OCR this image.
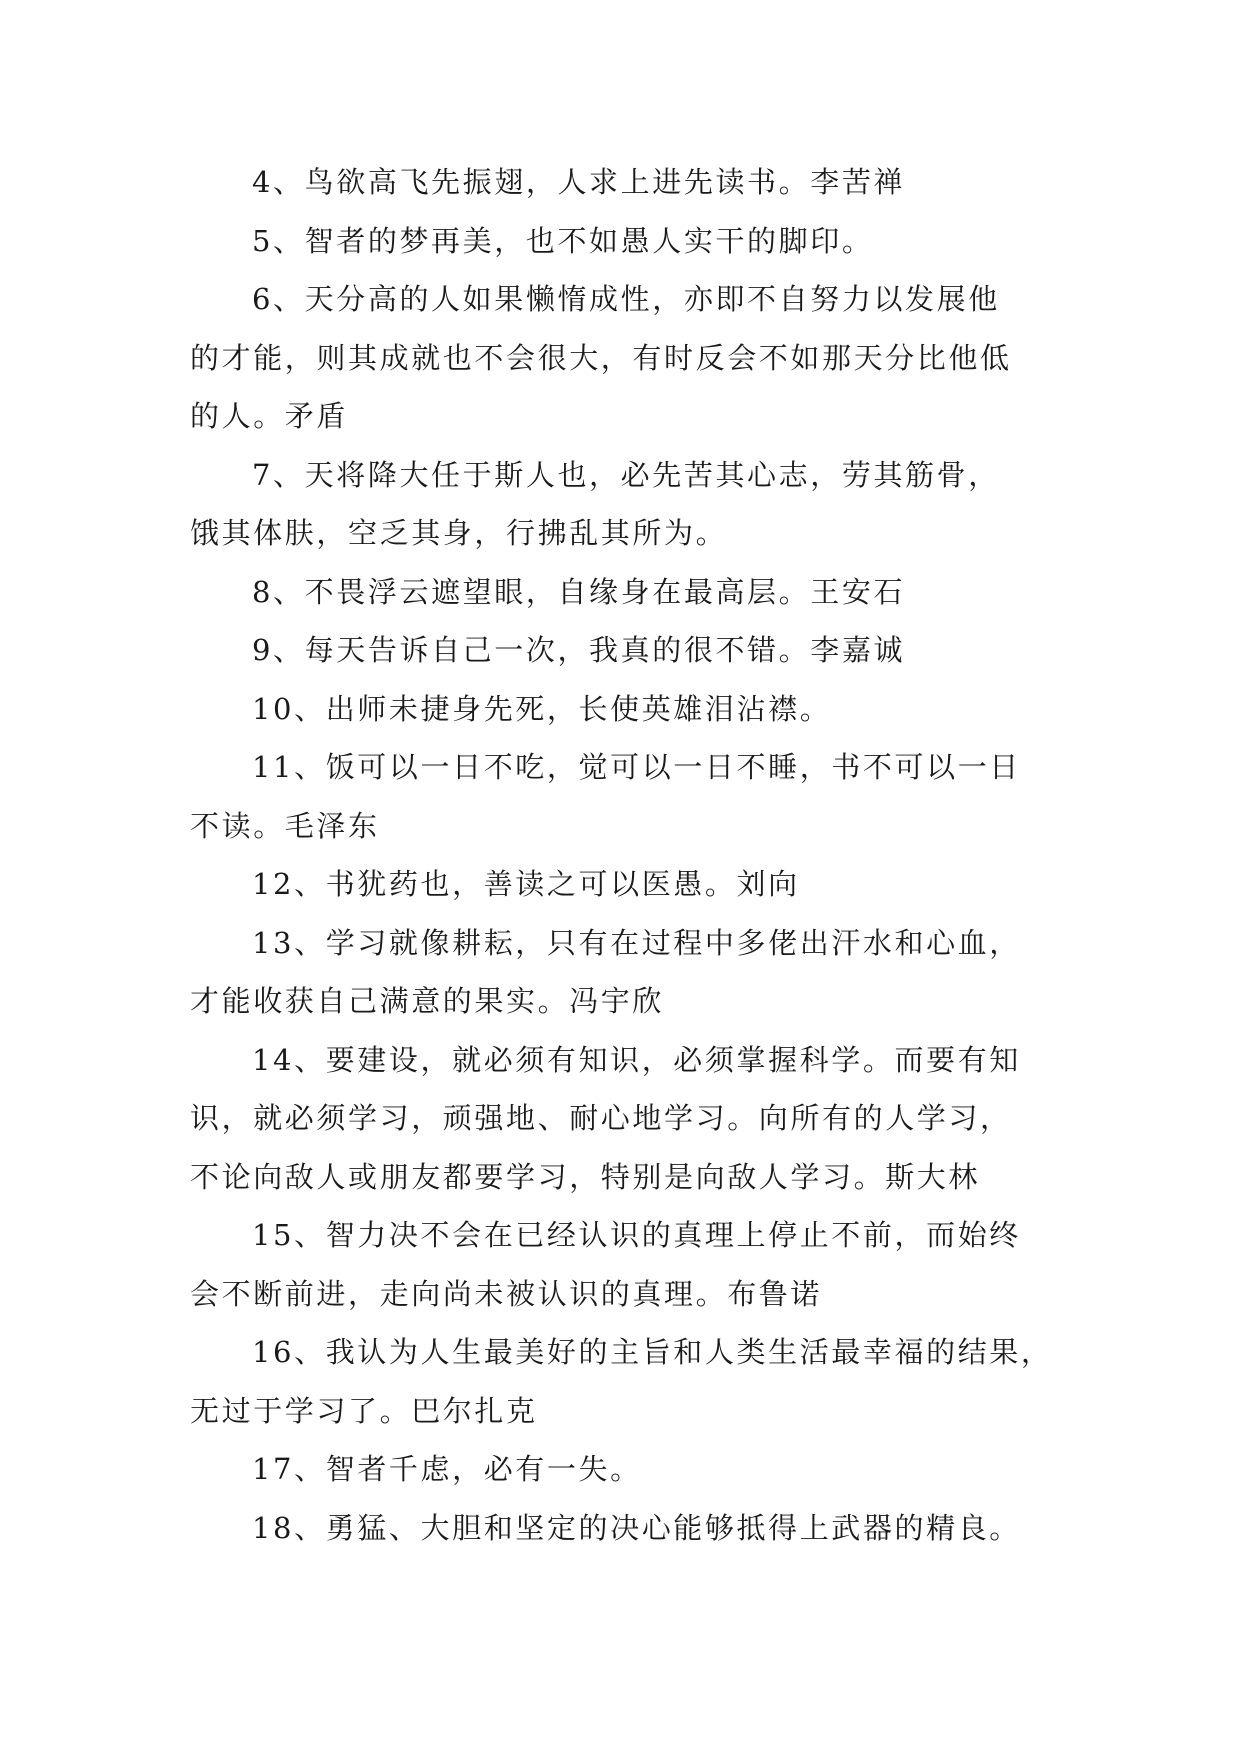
4、鸟欲高飞先振翅，人求上进先读书。李苦禅
5、智者的梦再美，也不如愚人实干的脚印。
6、天分高的人如果懒惰成性，亦即不自努力以发展他
的才能，则其成就也不会很大，有时反会不如那天分比他低
的人。矛盾
7、天将降大任于斯人也，必先苦其心志，劳其筋骨，
饿其体肤，空乏其身，行拂乱其所为。
8、不畏浮云遮望眼，自缘身在最高层。王安石
9、每天告诉自己一次，我真的很不错。李嘉诚
10、出师未捷身先死，长使英雄泪沾襟。
11、饭可以一日不吃，觉可以一日不睡，书不可以一日
不读。毛泽东
12、书犹药也，善读之可以医愚。刘向
13、学习就像耕耘，只有在过程中多佬出汗水和心血，
才能收获自己满意的果实。冯宇欣
14、要建设，就必须有知识，必须掌握科学。而要有知
识，就必须学习，顽强地、耐心地学习。向所有的人学习，
不论向敌人或朋友都要学习，特别是向敌人学习。斯大林
15、智力决不会在已经认识的真理上停止不前，而始终
会不断前进，走向尚未被认识的真理。布鲁诺
16、我认为人生最美好的主旨和人类生活最幸福的结果，
无过于学习了。巴尔扎克
17、智者千虑，必有一失。
18、勇猛、大胆和坚定的决心能够抵得上武器的精良。
